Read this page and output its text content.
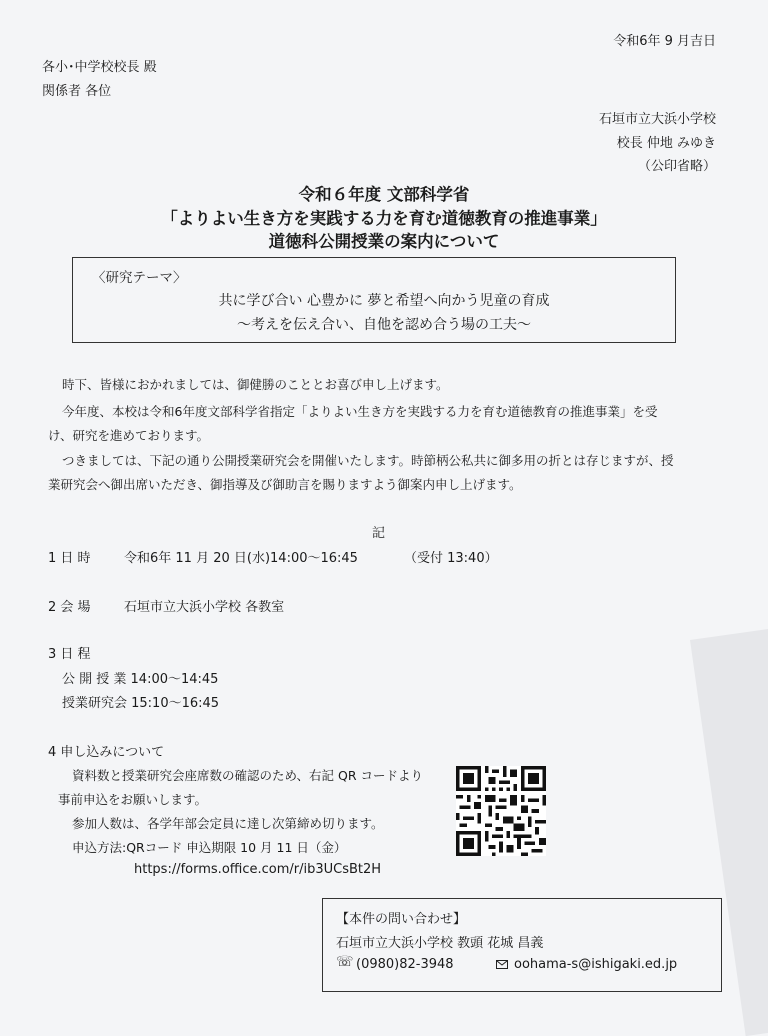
令和6年 9 月吉日
各小･中学校校長 殿
関係者 各位
石垣市立大浜小学校
校長 仲地 みゆき
（公印省略）
令和６年度 文部科学省
「よりよい生き方を実践する力を育む道徳教育の推進事業」
道徳科公開授業の案内について
〈研究テーマ〉
共に学び合い 心豊かに 夢と希望へ向かう児童の育成
～考えを伝え合い、自他を認め合う場の工夫～
時下、皆様におかれましては、御健勝のこととお喜び申し上げます。
今年度、本校は令和6年度文部科学省指定「よりよい生き方を実践する力を育む道徳教育の推進事業」を受
け、研究を進めております。
つきましては、下記の通り公開授業研究会を開催いたします。時節柄公私共に御多用の折とは存じますが、授
業研究会へ御出席いただき、御指導及び御助言を賜りますよう御案内申し上げます。
記
1 日 時	令和6年 11 月 20 日(水)14:00～16:45	（受付 13:40）
2 会 場	石垣市立大浜小学校 各教室
3 日 程
公 開 授 業 14:00～14:45
授業研究会 15:10～16:45
4 申し込みについて
資料数と授業研究会座席数の確認のため、右記 QR コードより
事前申込をお願いします。
参加人数は、各学年部会定員に達し次第締め切ります。
申込方法:QRコード 申込期限 10 月 11 日（金）
https://forms.office.com/r/ib3UCsBt2H
【本件の問い合わせ】
石垣市立大浜小学校 教頭 花城 昌義
☏ (0980)82-3948	oohama-s@ishigaki.ed.jp
